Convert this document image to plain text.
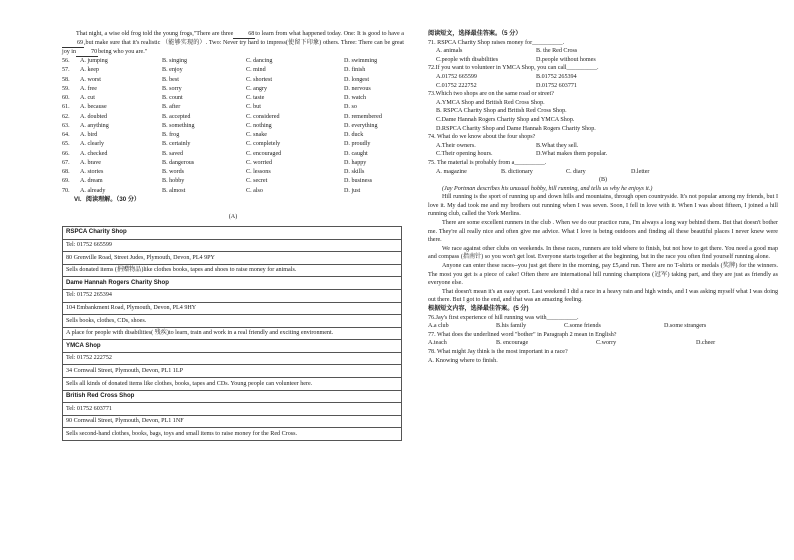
That night, a wise old frog told the young frogs,"There are three 68to learn from what happened today. One: It is good to have a69,but make sure that it's realistic （能够实现的）. Two: Never try hard to impress(使留下印象) others. Three: There can be great joy in 70being who you are."

56.	A. jumping	B. singing	C. dancing	D. swimming
57.	A. keep	B. enjoy	C. mind	D. finish
58.	A. worst	B. best	C. shortest	D. longest
59.	A. free	B. sorry	C. angry	D. nervous
60.	A. cut	B. count	C. taste	D. watch
61.	A. because	B. after	C. but	D. so
62.	A. doubted	B. accepted	C. considered	D. remembered
63.	A. anything	B. something	C. nothing	D. everything
64.	A. bird	B. frog	C. snake	D. duck
65.	A. clearly	B. certainly	C. completely	D. proudly
66.	A. checked	B. saved	C. encouraged	D. caught
67.	A. brave	B. dangerous	C. worried	D. happy
68.	A. stories	B. words	C. lessons	D. skills
69.	A. dream	B. hobby	C. secret	D. business
70.	A. already	B. almost	C. also	D. just

VI．阅读理解。（30 分）

(A)

RSPCA Charity Shop
Tel: 01752 665599
80 Grenville Road, Street Judes, Plymouth, Devon, PL4 9PY
Sells donated items (捐赠物品)like clothes books, tapes and shoes to raise money for animals.
Dame Hannah Rogers Charity Shop
Tel: 01752 265394
104 Embankment Road, Plymouth, Devon, PL4 9HY
Sells books, clothes, CDs, shoes.
A place for people with disabilities( 残疾)to learn, train and work in a real friendly and exciting environment.
YMCA Shop
Tel: 01752 222752
34 Cornwall Street, Plymouth, Devon, PL1 1LP
Sells all kinds of donated items like clothes, books, tapes and CDs. Young people can volunteer here.
British Red Cross Shop
Tel: 01752 603771
90 Cornwall Street, Plymouth, Devon, PL1 1NF
Sells second-hand clothes, books, bags, toys and small items to raise money for the Red Cross.

阅读短文，选择最佳答案。（5 分）

71. RSPCA Charity Shop raises money for__________.

A. animals	B. the Red Cross
C.people with disabilities	D.people without homes

72.If you want to volunteer in YMCA Shop, you can call__________.

A.01752 665599	B.01752 265394
C.01752 222752	D.01752 603771

73.Which two shops are on the same road or street?

A.YMCA Shop and British Red Cross Shop.

B. RSPCA Charity Shop and British Red Cross Shop.

C.Dame Hannah Rogers Charity Shop and YMCA Shop.

D.RSPCA Charity Shop and Dame Hannah Rogers Charity Shop.

74. What do we know about the four shops?

A.Their owners.	B.What they sell.
C.Their opening hours.	D.What makes them popular.

75. The material is probably from a__________.

A. magazine	B. dictionary	C. diary	D.letter

(B)

(Jay Portman describes his unusual hobby, hill running, and tells us why he enjoys it.)

Hill running is the sport of running up and down hills and mountains, through open countryside. It's not popular among my friends, but I love it. My dad took me and my brothers out running when I was seven. Soon, I fell in love with it. When I was about fifteen, I joined a hill running club, called the York Merlins.

There are some excellent runners in the club . When we do our practice runs, I'm always a long way behind them. But that doesn't bother me. They're all really nice and often give me advice. What I love is being outdoors and finding all these beautiful places I never knew were there.

We race against other clubs on weekends. In these races, runners are told where to finish, but not how to get there. You need a good map and compass (指南针) so you won't get lost. Everyone starts together at the beginning, but in the race you often find yourself running alone.

Anyone can enter these races--you just get there in the morning, pay £5,and run. There are no T-shirts or medals (奖牌) for the winners. The most you get is a piece of cake! Often there are international hill running champions (冠军) taking part, and they are just as friendly as everyone else.

That doesn't mean it's an easy sport. Last weekend I did a race in a heavy rain and high winds, and I was asking myself what I was doing out there. But I got to the end, and that was an amazing feeling.

根据短文内容，选择最佳答案。(5 分)

76.Jay's first experience of hill running was with__________.

A.a club	B.his family	C.some friends	D.some strangers

77. What does the underlined word "bother" in Paragraph 2 mean in English?

A.teach	B. encourage	C.worry	D.cheer

78. What might Jay think is the most important in a race?

A. Knowing where to finish.
